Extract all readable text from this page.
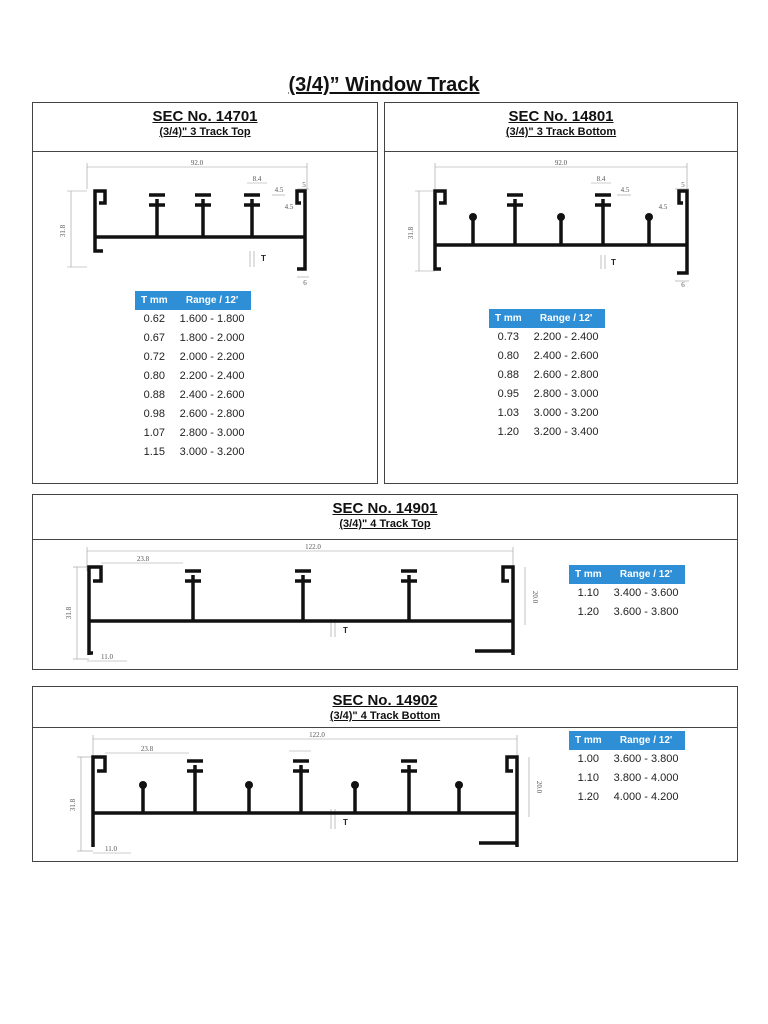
(3/4)” Window Track
SEC No. 14701
(3/4)" 3 Track Top
92.0
31.8
8.4
4.5
5
4.5
6
T
T mm	Range / 12'
0.62	1.600 - 1.800
0.67	1.800 - 2.000
0.72	2.000 - 2.200
0.80	2.200 - 2.400
0.88	2.400 - 2.600
0.98	2.600 - 2.800
1.07	2.800 - 3.000
1.15	3.000 - 3.200
SEC No. 14801
(3/4)" 3 Track Bottom
92.0
31.8
8.4
4.5
5
4.5
6
T
T mm	Range / 12'
0.73	2.200 - 2.400
0.80	2.400 - 2.600
0.88	2.600 - 2.800
0.95	2.800 - 3.000
1.03	3.000 - 3.200
1.20	3.200 - 3.400
SEC No. 14901
(3/4)" 4 Track Top
122.0
23.8
31.8
20.0
11.0
T
T mm	Range / 12'
1.10	3.400 - 3.600
1.20	3.600 - 3.800
SEC No. 14902
(3/4)" 4 Track Bottom
122.0
23.8
31.8
20.0
11.0
T
T mm	Range / 12'
1.00	3.600 - 3.800
1.10	3.800 - 4.000
1.20	4.000 - 4.200
